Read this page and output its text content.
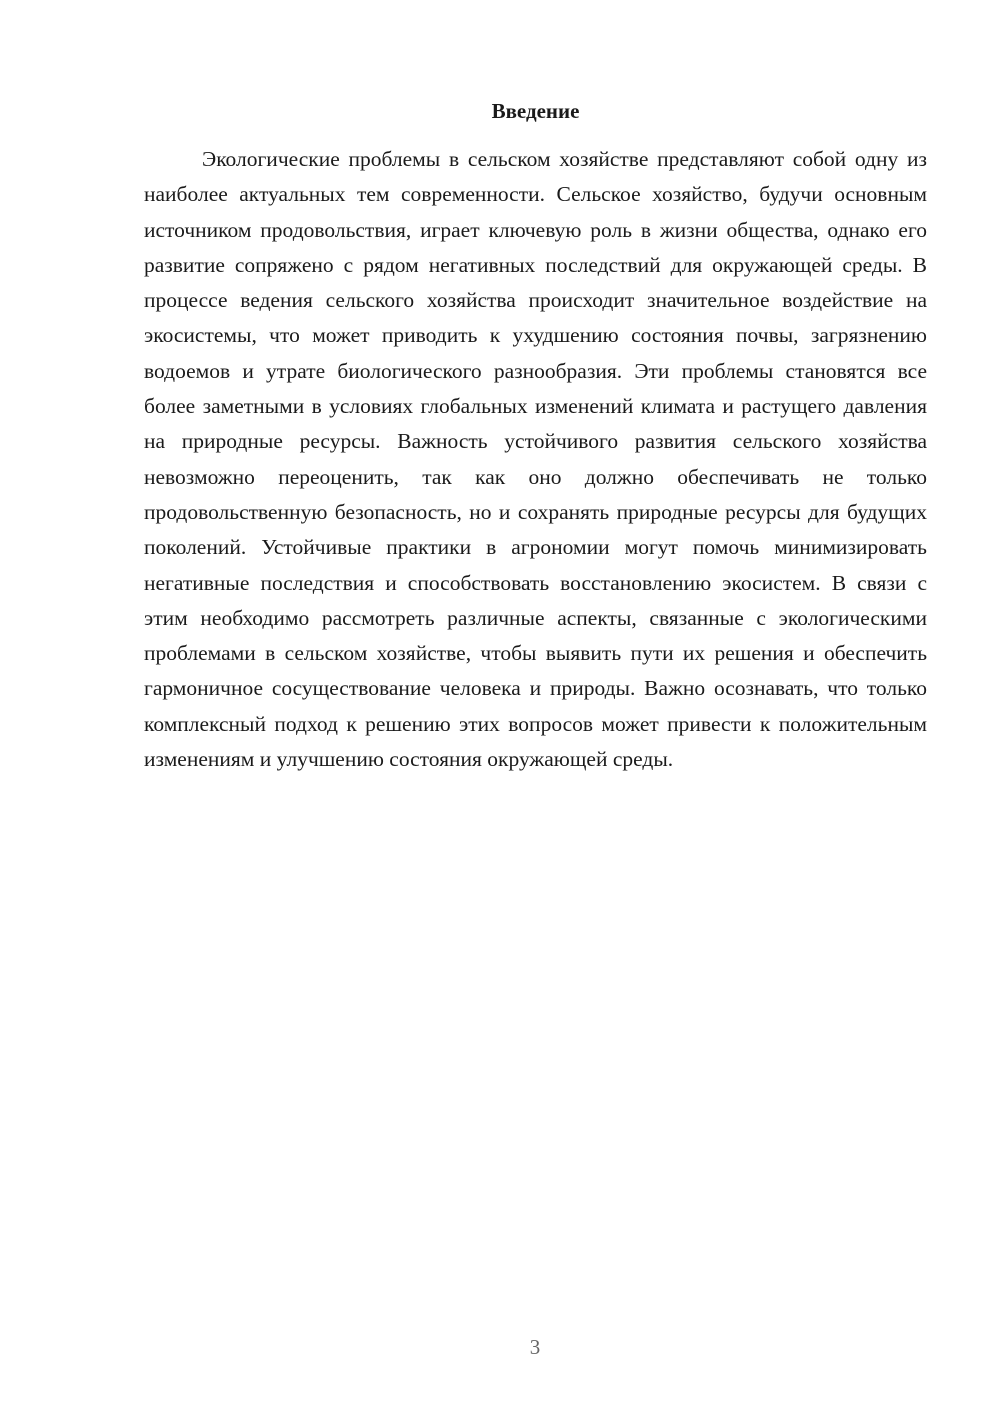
Введение

Экологические проблемы в сельском хозяйстве представляют собой одну из наиболее актуальных тем современности. Сельское хозяйство, будучи основным источником продовольствия, играет ключевую роль в жизни общества, однако его развитие сопряжено с рядом негативных последствий для окружающей среды. В процессе ведения сельского хозяйства происходит значительное воздействие на экосистемы, что может приводить к ухудшению состояния почвы, загрязнению водоемов и утрате биологического разнообразия. Эти проблемы становятся все более заметными в условиях глобальных изменений климата и растущего давления на природные ресурсы. Важность устойчивого развития сельского хозяйства невозможно переоценить, так как оно должно обеспечивать не только продовольственную безопасность, но и сохранять природные ресурсы для будущих поколений. Устойчивые практики в агрономии могут помочь минимизировать негативные последствия и способствовать восстановлению экосистем. В связи с этим необходимо рассмотреть различные аспекты, связанные с экологическими проблемами в сельском хозяйстве, чтобы выявить пути их решения и обеспечить гармоничное сосуществование человека и природы. Важно осознавать, что только комплексный подход к решению этих вопросов может привести к положительным изменениям и улучшению состояния окружающей среды.

3
